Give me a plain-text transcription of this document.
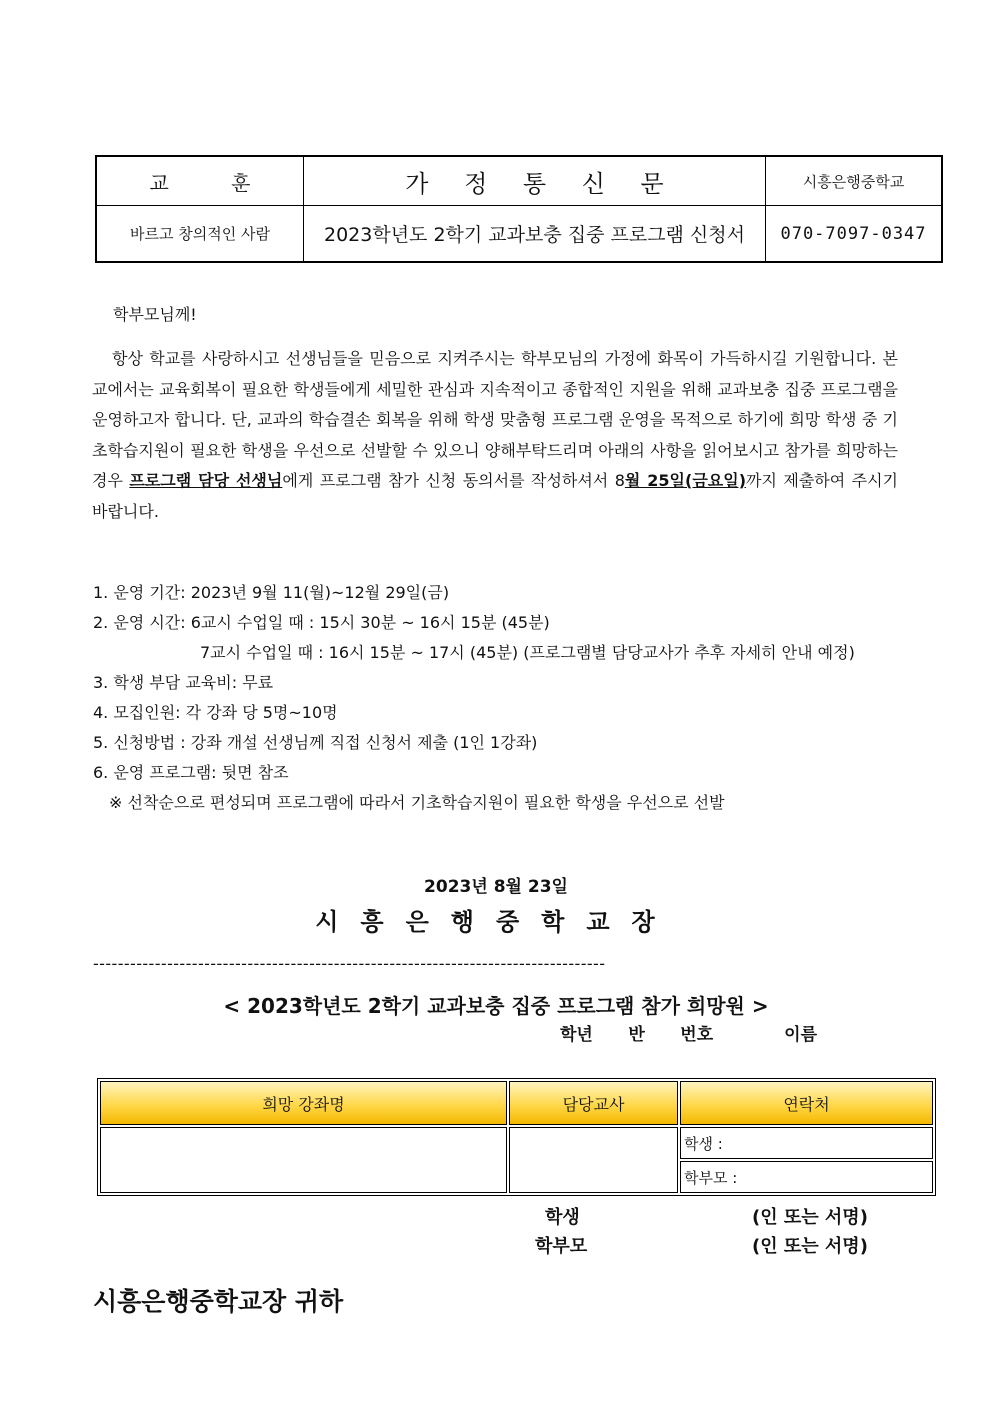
교 훈	가 정 통 신 문	시흥은행중학교
바르고 창의적인 사람	2023학년도 2학기 교과보충 집중 프로그램 신청서	070-7097-0347
학부모님께!
항상 학교를 사랑하시고 선생님들을 믿음으로 지켜주시는 학부모님의 가정에 화목이 가득하시길 기원합니다. 본교에서는 교육회복이 필요한 학생들에게 세밀한 관심과 지속적이고 종합적인 지원을 위해 교과보충 집중 프로그램을 운영하고자 합니다. 단, 교과의 학습결손 회복을 위해 학생 맞춤형 프로그램 운영을 목적으로 하기에 희망 학생 중 기초학습지원이 필요한 학생을 우선으로 선발할 수 있으니 양해부탁드리며 아래의 사항을 읽어보시고 참가를 희망하는 경우 프로그램 담당 선생님에게 프로그램 참가 신청 동의서를 작성하셔서 8월 25일(금요일)까지 제출하여 주시기 바랍니다.
1. 운영 기간: 2023년 9월 11(월)~12월 29일(금)
2. 운영 시간: 6교시 수업일 때 : 15시 30분 ~ 16시 15분 (45분)
7교시 수업일 때 : 16시 15분 ~ 17시 (45분) (프로그램별 담당교사가 추후 자세히 안내 예정)
3. 학생 부담 교육비: 무료
4. 모집인원: 각 강좌 당 5명~10명
5. 신청방법 : 강좌 개설 선생님께 직접 신청서 제출 (1인 1강좌)
6. 운영 프로그램: 뒷면 참조
※ 선착순으로 편성되며 프로그램에 따라서 기초학습지원이 필요한 학생을 우선으로 선발
2023년 8월 23일
시흥은행중학교장
-----------------------------------------------------------------------------------
< 2023학년도 2학기 교과보충 집중 프로그램 참가 희망원 >
학년      반      번호            이름
희망 강좌명	담당교사	연락처
학생 :
학부모 :
학생	(인 또는 서명)
학부모	(인 또는 서명)
시흥은행중학교장 귀하
